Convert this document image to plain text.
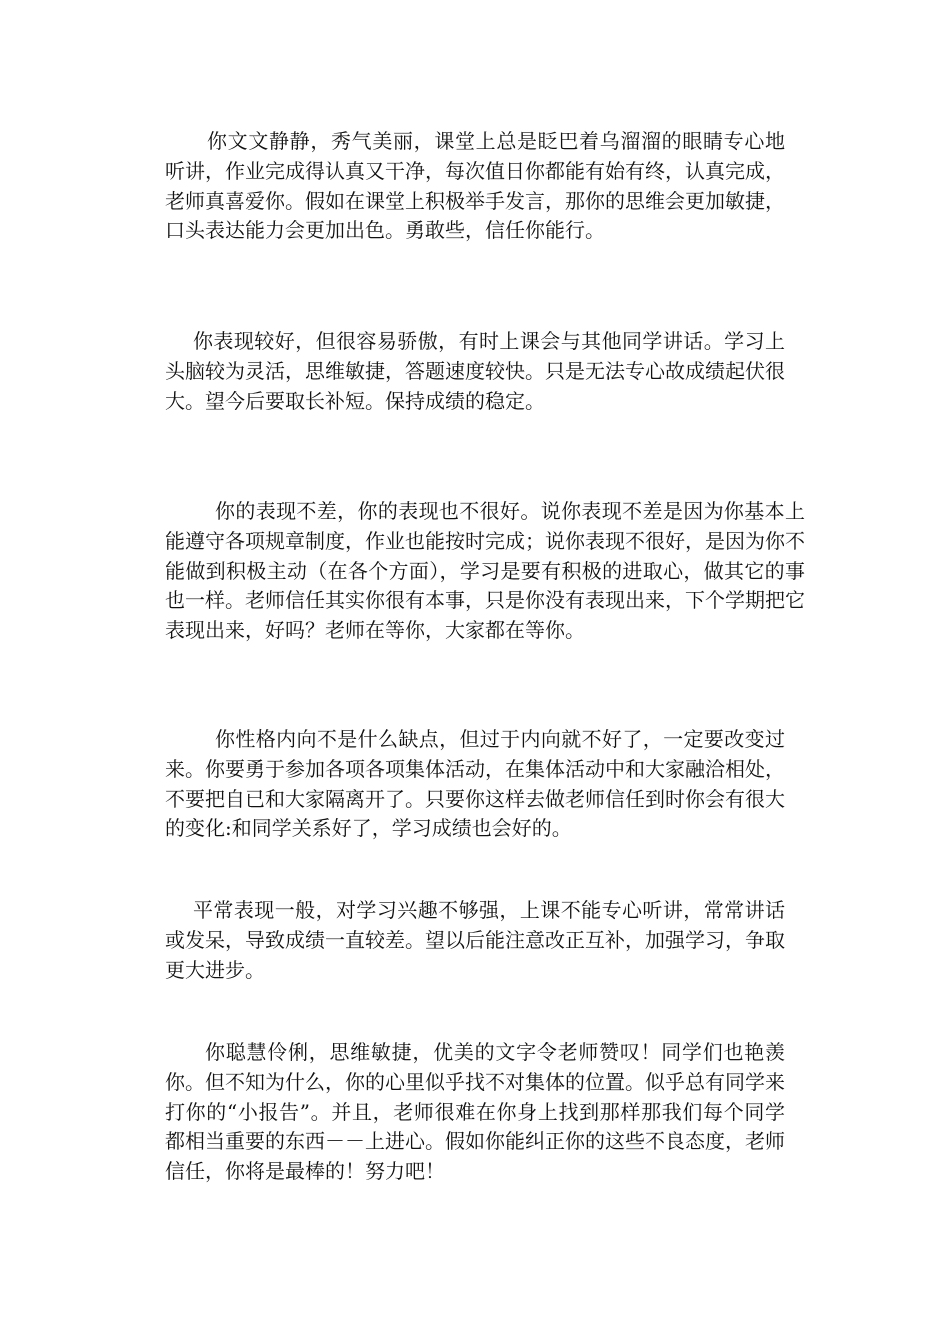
你文文静静，秀气美丽，课堂上总是眨巴着乌溜溜的眼睛专心地听讲，作业完成得认真又干净，每次值日你都能有始有终，认真完成，老师真喜爱你。假如在课堂上积极举手发言，那你的思维会更加敏捷，口头表达能力会更加出色。勇敢些，信任你能行。

你表现较好，但很容易骄傲，有时上课会与其他同学讲话。学习上头脑较为灵活，思维敏捷，答题速度较快。只是无法专心故成绩起伏很大。望今后要取长补短。保持成绩的稳定。

你的表现不差，你的表现也不很好。说你表现不差是因为你基本上能遵守各项规章制度，作业也能按时完成；说你表现不很好，是因为你不能做到积极主动（在各个方面），学习是要有积极的进取心，做其它的事也一样。老师信任其实你很有本事，只是你没有表现出来，下个学期把它表现出来，好吗？老师在等你，大家都在等你。

你性格内向不是什么缺点，但过于内向就不好了，一定要改变过来。你要勇于参加各项各项集体活动，在集体活动中和大家融洽相处，不要把自已和大家隔离开了。只要你这样去做老师信任到时你会有很大的变化:和同学关系好了，学习成绩也会好的。

平常表现一般，对学习兴趣不够强，上课不能专心听讲，常常讲话或发呆，导致成绩一直较差。望以后能注意改正互补，加强学习，争取更大进步。

你聪慧伶俐，思维敏捷，优美的文字令老师赞叹！同学们也艳羡你。但不知为什么，你的心里似乎找不对集体的位置。似乎总有同学来打你的“小报告”。并且，老师很难在你身上找到那样那我们每个同学都相当重要的东西－－上进心。假如你能纠正你的这些不良态度，老师信任，你将是最棒的！努力吧！
